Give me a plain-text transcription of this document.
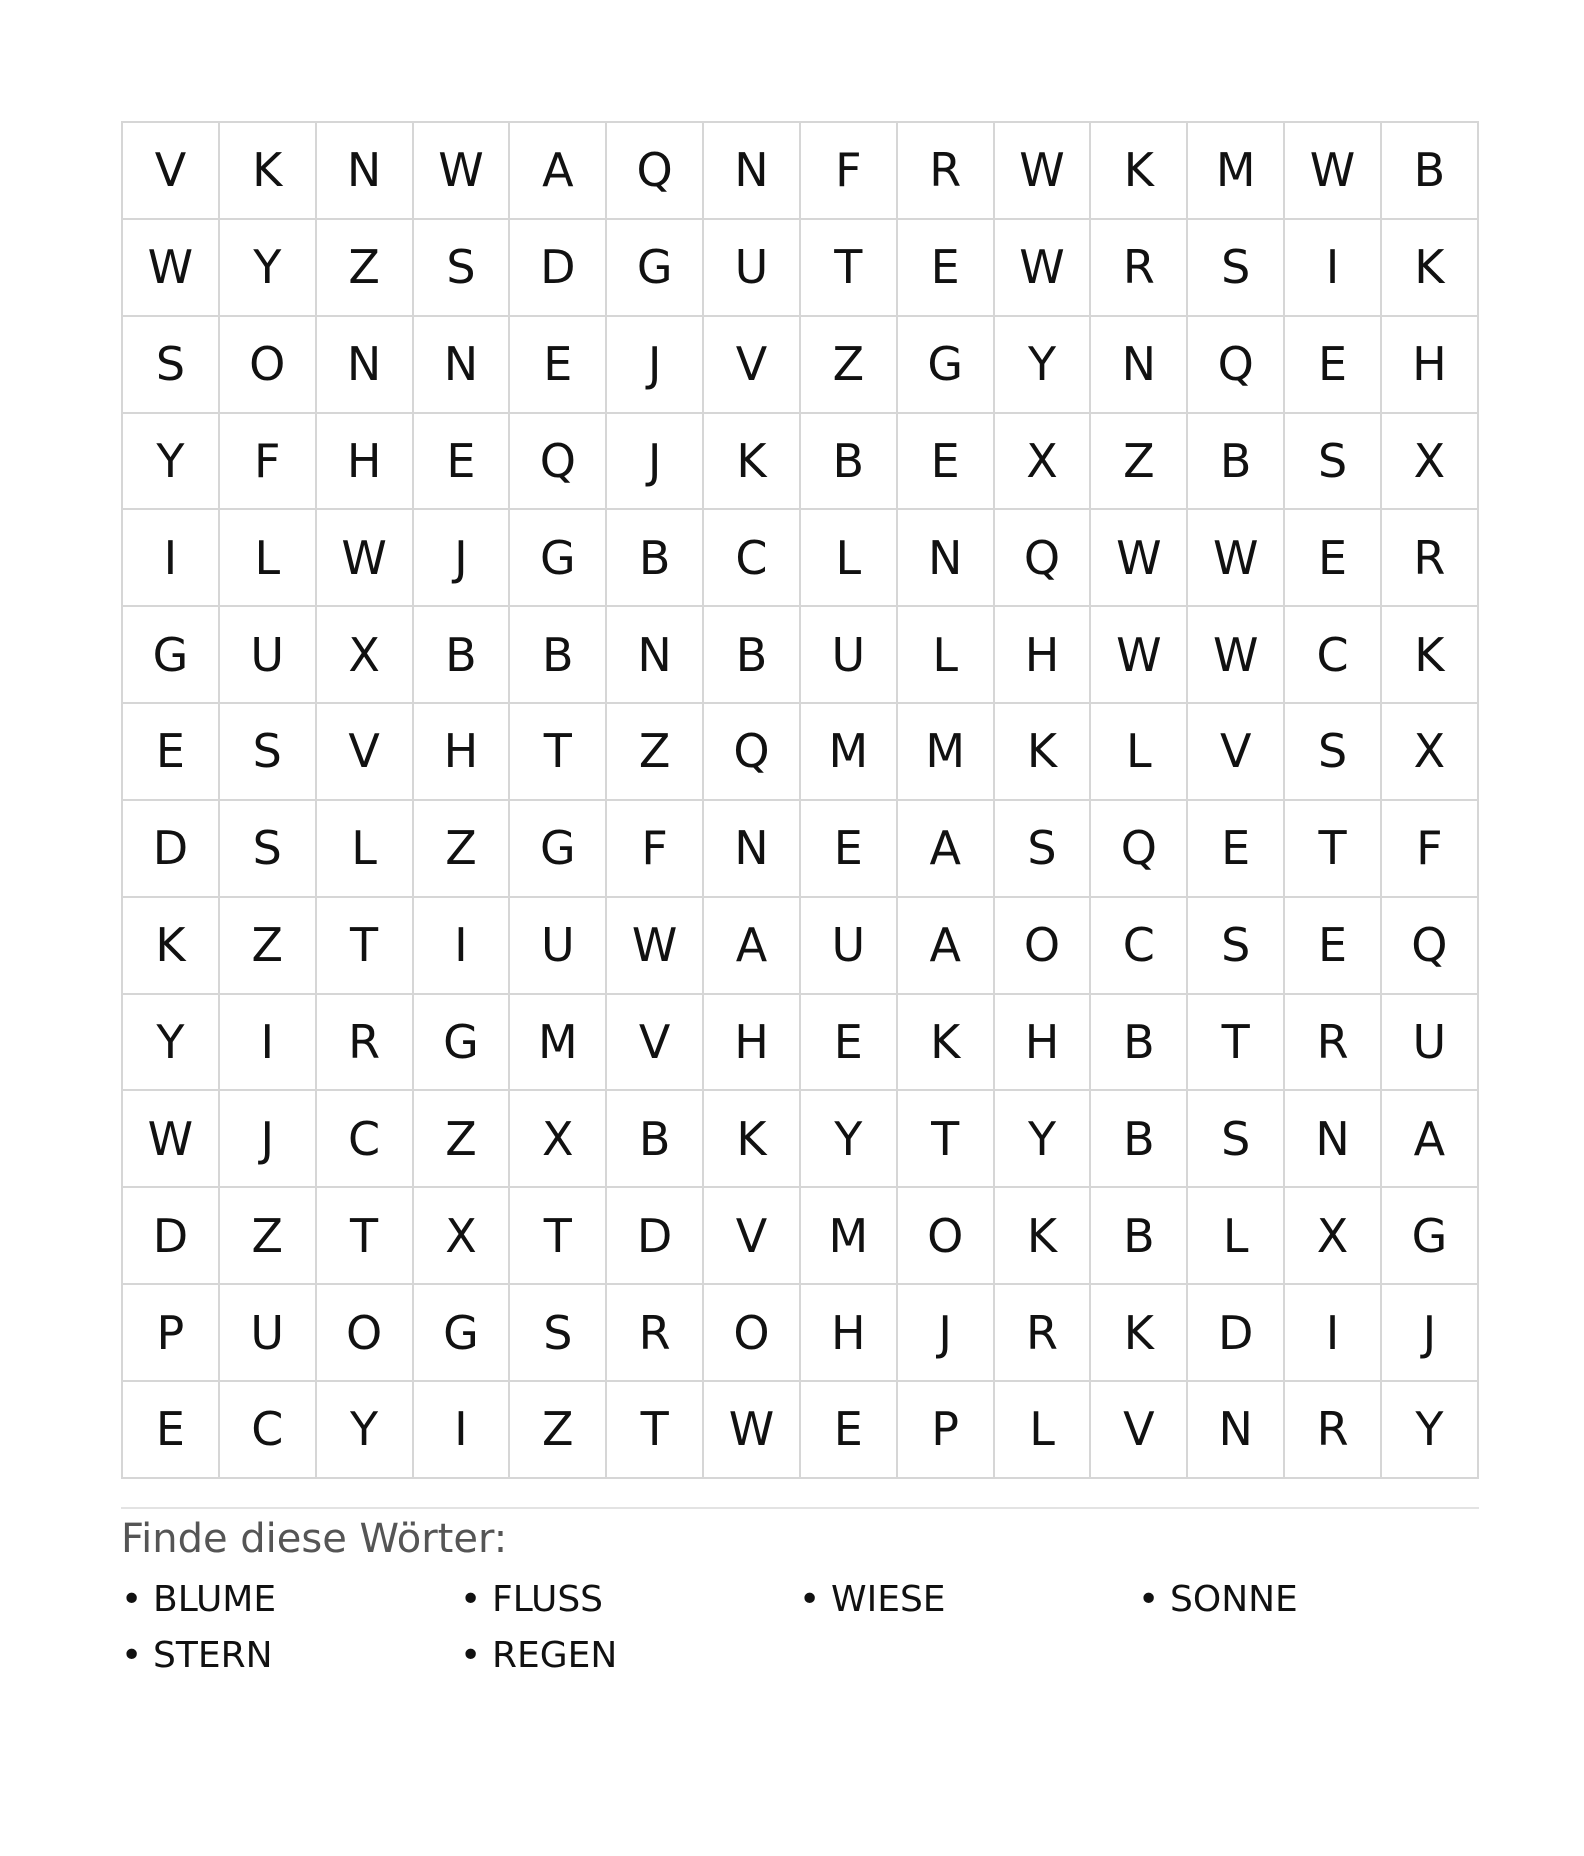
V	K	N	W	A	Q	N	F	R	W	K	M	W	B
W	Y	Z	S	D	G	U	T	E	W	R	S	I	K
S	O	N	N	E	J	V	Z	G	Y	N	Q	E	H
Y	F	H	E	Q	J	K	B	E	X	Z	B	S	X
I	L	W	J	G	B	C	L	N	Q	W	W	E	R
G	U	X	B	B	N	B	U	L	H	W	W	C	K
E	S	V	H	T	Z	Q	M	M	K	L	V	S	X
D	S	L	Z	G	F	N	E	A	S	Q	E	T	F
K	Z	T	I	U	W	A	U	A	O	C	S	E	Q
Y	I	R	G	M	V	H	E	K	H	B	T	R	U
W	J	C	Z	X	B	K	Y	T	Y	B	S	N	A
D	Z	T	X	T	D	V	M	O	K	B	L	X	G
P	U	O	G	S	R	O	H	J	R	K	D	I	J
E	C	Y	I	Z	T	W	E	P	L	V	N	R	Y
Finde diese Wörter:
• BLUME	• FLUSS	• WIESE	• SONNE
• STERN	• REGEN
